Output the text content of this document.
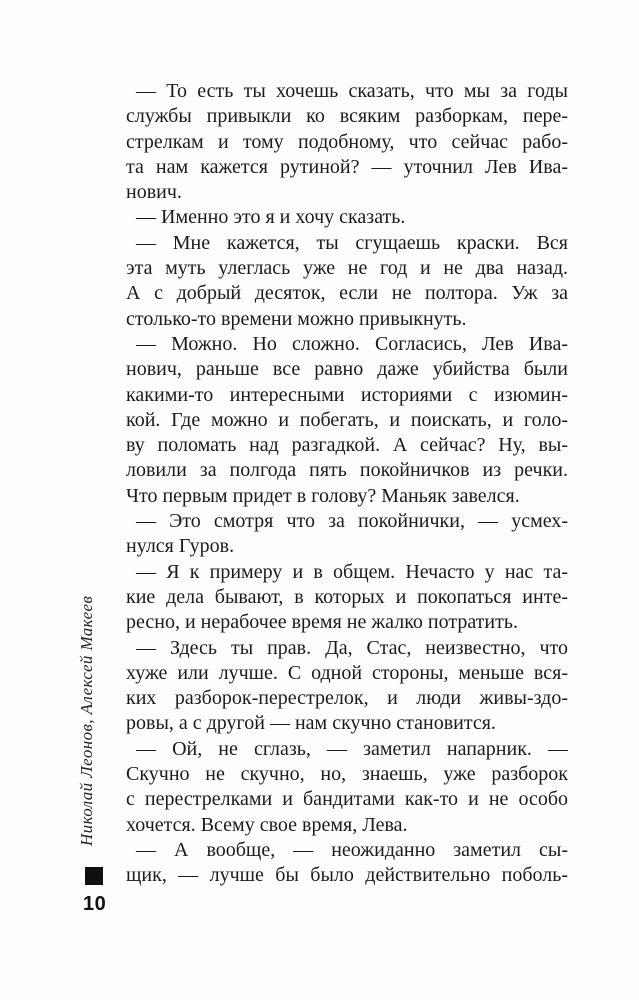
— То есть ты хочешь сказать, что мы за годы
службы привыкли ко всяким разборкам, пере-
стрелкам и тому подобному, что сейчас рабо-
та нам кажется рутиной? — уточнил Лев Ива-
нович.
— Именно это я и хочу сказать.
— Мне кажется, ты сгущаешь краски. Вся
эта муть улеглась уже не год и не два назад.
А с добрый десяток, если не полтора. Уж за
столько-то времени можно привыкнуть.
— Можно. Но сложно. Согласись, Лев Ива-
нович, раньше все равно даже убийства были
какими-то интересными историями с изюмин-
кой. Где можно и побегать, и поискать, и голо-
ву поломать над разгадкой. А сейчас? Ну, вы-
ловили за полгода пять покойничков из речки.
Что первым придет в голову? Маньяк завелся.
— Это смотря что за покойнички, — усмех-
нулся Гуров.
— Я к примеру и в общем. Нечасто у нас та-
кие дела бывают, в которых и покопаться инте-
ресно, и нерабочее время не жалко потратить.
— Здесь ты прав. Да, Стас, неизвестно, что
хуже или лучше. С одной стороны, меньше вся-
ких разборок-перестрелок, и люди живы-здо-
ровы, а с другой — нам скучно становится.
— Ой, не сглазь, — заметил напарник. —
Скучно не скучно, но, знаешь, уже разборок
с перестрелками и бандитами как-то и не особо
хочется. Всему свое время, Лева.
— А вообще, — неожиданно заметил сы-
щик, — лучше бы было действительно поболь-
Николай Леонов, Алексей Макеев
10
